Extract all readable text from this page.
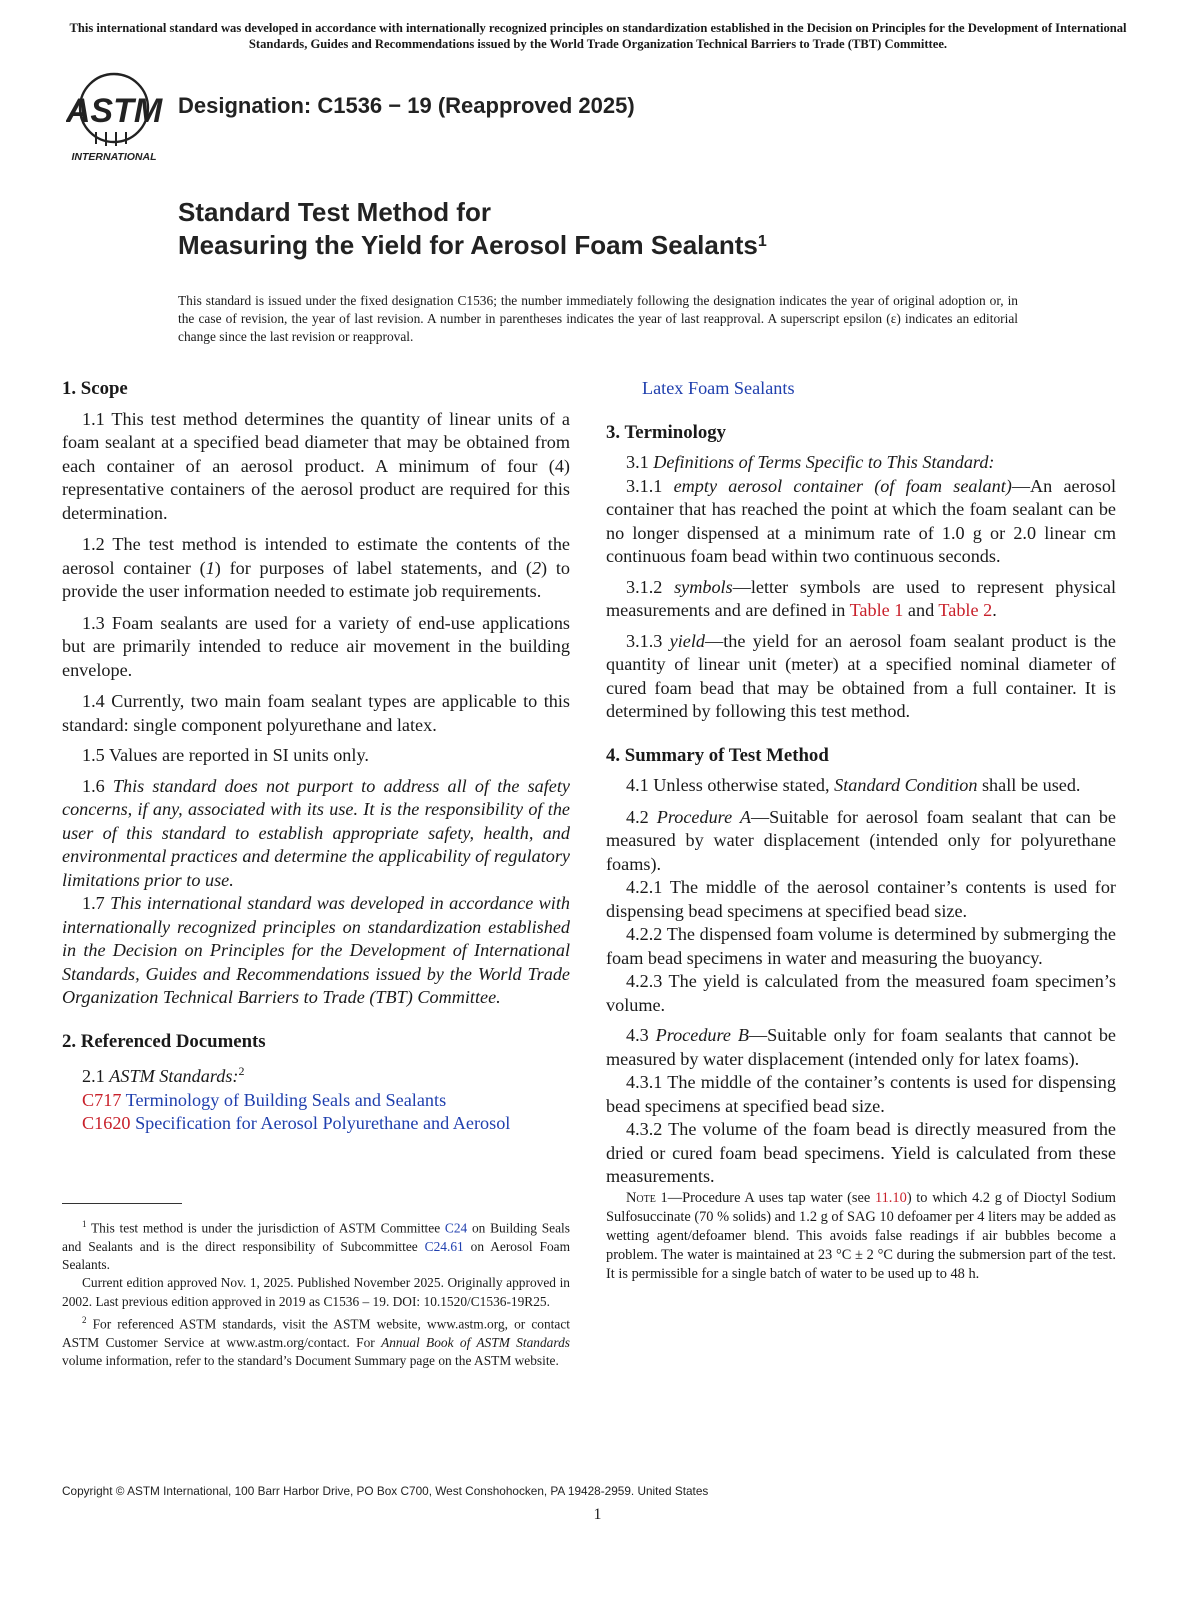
This international standard was developed in accordance with internationally recognized principles on standardization established in the Decision on Principles for the Development of International Standards, Guides and Recommendations issued by the World Trade Organization Technical Barriers to Trade (TBT) Committee.
ASTM
INTERNATIONAL
Designation: C1536 − 19 (Reapproved 2025)
Standard Test Method for
Measuring the Yield for Aerosol Foam Sealants$^1$
This standard is issued under the fixed designation C1536; the number immediately following the designation indicates the year of original adoption or, in the case of revision, the year of last revision. A number in parentheses indicates the year of last reapproval. A superscript epsilon (ε) indicates an editorial change since the last revision or reapproval.
1. Scope

1.1 This test method determines the quantity of linear units of a foam sealant at a specified bead diameter that may be obtained from each container of an aerosol product. A minimum of four (4) representative containers of the aerosol product are required for this determination.

1.2 The test method is intended to estimate the contents of the aerosol container (1) for purposes of label statements, and (2) to provide the user information needed to estimate job requirements.

1.3 Foam sealants are used for a variety of end-use applications but are primarily intended to reduce air movement in the building envelope.

1.4 Currently, two main foam sealant types are applicable to this standard: single component polyurethane and latex.

1.5 Values are reported in SI units only.

1.6 This standard does not purport to address all of the safety concerns, if any, associated with its use. It is the responsibility of the user of this standard to establish appropriate safety, health, and environmental practices and determine the applicability of regulatory limitations prior to use.

1.7 This international standard was developed in accordance with internationally recognized principles on standardization established in the Decision on Principles for the Development of International Standards, Guides and Recommendations issued by the World Trade Organization Technical Barriers to Trade (TBT) Committee.

2. Referenced Documents

2.1 ASTM Standards:$^2$

C717 Terminology of Building Seals and Sealants

C1620 Specification for Aerosol Polyurethane and Aerosol

$^1$ This test method is under the jurisdiction of ASTM Committee C24 on Building Seals and Sealants and is the direct responsibility of Subcommittee C24.61 on Aerosol Foam Sealants.

Current edition approved Nov. 1, 2025. Published November 2025. Originally approved in 2002. Last previous edition approved in 2019 as C1536 – 19. DOI: 10.1520/C1536-19R25.

$^2$ For referenced ASTM standards, visit the ASTM website, www.astm.org, or contact ASTM Customer Service at www.astm.org/contact. For Annual Book of ASTM Standards volume information, refer to the standard’s Document Summary page on the ASTM website.

Latex Foam Sealants

3. Terminology

3.1 Definitions of Terms Specific to This Standard:

3.1.1 empty aerosol container (of foam sealant)—An aerosol container that has reached the point at which the foam sealant can be no longer dispensed at a minimum rate of 1.0 g or 2.0 linear cm continuous foam bead within two continuous seconds.

3.1.2 symbols—letter symbols are used to represent physical measurements and are defined in Table 1 and Table 2.

3.1.3 yield—the yield for an aerosol foam sealant product is the quantity of linear unit (meter) at a specified nominal diameter of cured foam bead that may be obtained from a full container. It is determined by following this test method.

4. Summary of Test Method

4.1 Unless otherwise stated, Standard Condition shall be used.

4.2 Procedure A—Suitable for aerosol foam sealant that can be measured by water displacement (intended only for polyurethane foams).

4.2.1 The middle of the aerosol container’s contents is used for dispensing bead specimens at specified bead size.

4.2.2 The dispensed foam volume is determined by submerging the foam bead specimens in water and measuring the buoyancy.

4.2.3 The yield is calculated from the measured foam specimen’s volume.

4.3 Procedure B—Suitable only for foam sealants that cannot be measured by water displacement (intended only for latex foams).

4.3.1 The middle of the container’s contents is used for dispensing bead specimens at specified bead size.

4.3.2 The volume of the foam bead is directly measured from the dried or cured foam bead specimens. Yield is calculated from these measurements.

Note 1—Procedure A uses tap water (see 11.10) to which 4.2 g of Dioctyl Sodium Sulfosuccinate (70 % solids) and 1.2 g of SAG 10 defoamer per 4 liters may be added as wetting agent/defoamer blend. This avoids false readings if air bubbles become a problem. The water is maintained at 23 °C ± 2 °C during the submersion part of the test. It is permissible for a single batch of water to be used up to 48 h.

Copyright © ASTM International, 100 Barr Harbor Drive, PO Box C700, West Conshohocken, PA 19428-2959. United States
1
